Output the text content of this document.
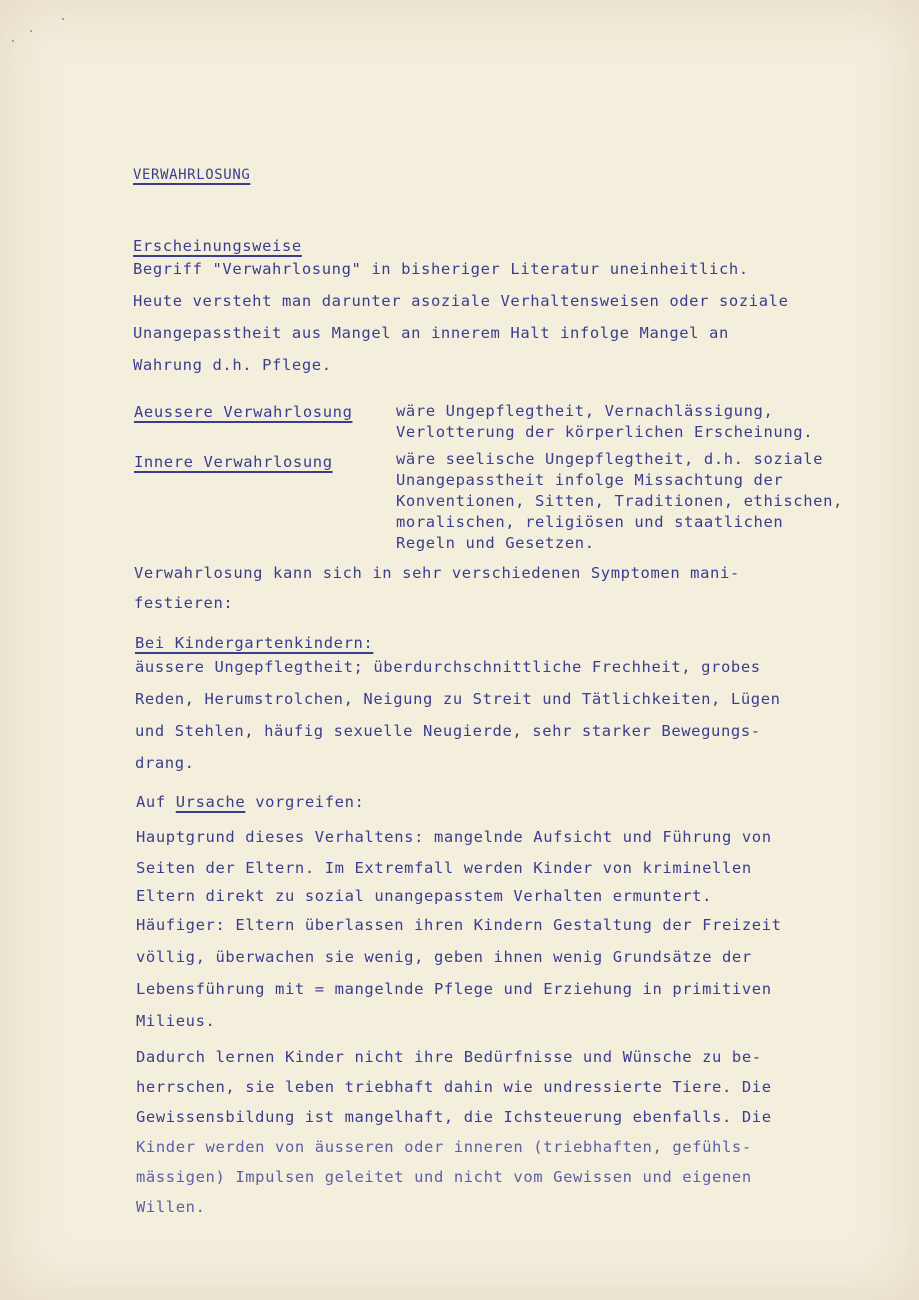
VERWAHRLOSUNG
Erscheinungsweise
Begriff "Verwahrlosung" in bisheriger Literatur uneinheitlich.
Heute versteht man darunter asoziale Verhaltensweisen oder soziale
Unangepasstheit aus Mangel an innerem Halt infolge Mangel an
Wahrung d.h. Pflege.
Aeussere Verwahrlosung	wäre Ungepflegtheit, Vernachlässigung,
Verlotterung der körperlichen Erscheinung.
Innere Verwahrlosung	wäre seelische Ungepflegtheit, d.h. soziale
Unangepasstheit infolge Missachtung der
Konventionen, Sitten, Traditionen, ethischen,
moralischen, religiösen und staatlichen
Regeln und Gesetzen.
Verwahrlosung kann sich in sehr verschiedenen Symptomen mani-
festieren:
Bei Kindergartenkindern:
äussere Ungepflegtheit; überdurchschnittliche Frechheit, grobes
Reden, Herumstrolchen, Neigung zu Streit und Tätlichkeiten, Lügen
und Stehlen, häufig sexuelle Neugierde, sehr starker Bewegungs-
drang.
Auf Ursache vorgreifen:
Hauptgrund dieses Verhaltens: mangelnde Aufsicht und Führung von
Seiten der Eltern. Im Extremfall werden Kinder von kriminellen
Eltern direkt zu sozial unangepasstem Verhalten ermuntert.
Häufiger: Eltern überlassen ihren Kindern Gestaltung der Freizeit
völlig, überwachen sie wenig, geben ihnen wenig Grundsätze der
Lebensführung mit = mangelnde Pflege und Erziehung in primitiven
Milieus.
Dadurch lernen Kinder nicht ihre Bedürfnisse und Wünsche zu be-
herrschen, sie leben triebhaft dahin wie undressierte Tiere. Die
Gewissensbildung ist mangelhaft, die Ichsteuerung ebenfalls. Die
Kinder werden von äusseren oder inneren (triebhaften, gefühls-
mässigen) Impulsen geleitet und nicht vom Gewissen und eigenen
Willen.
